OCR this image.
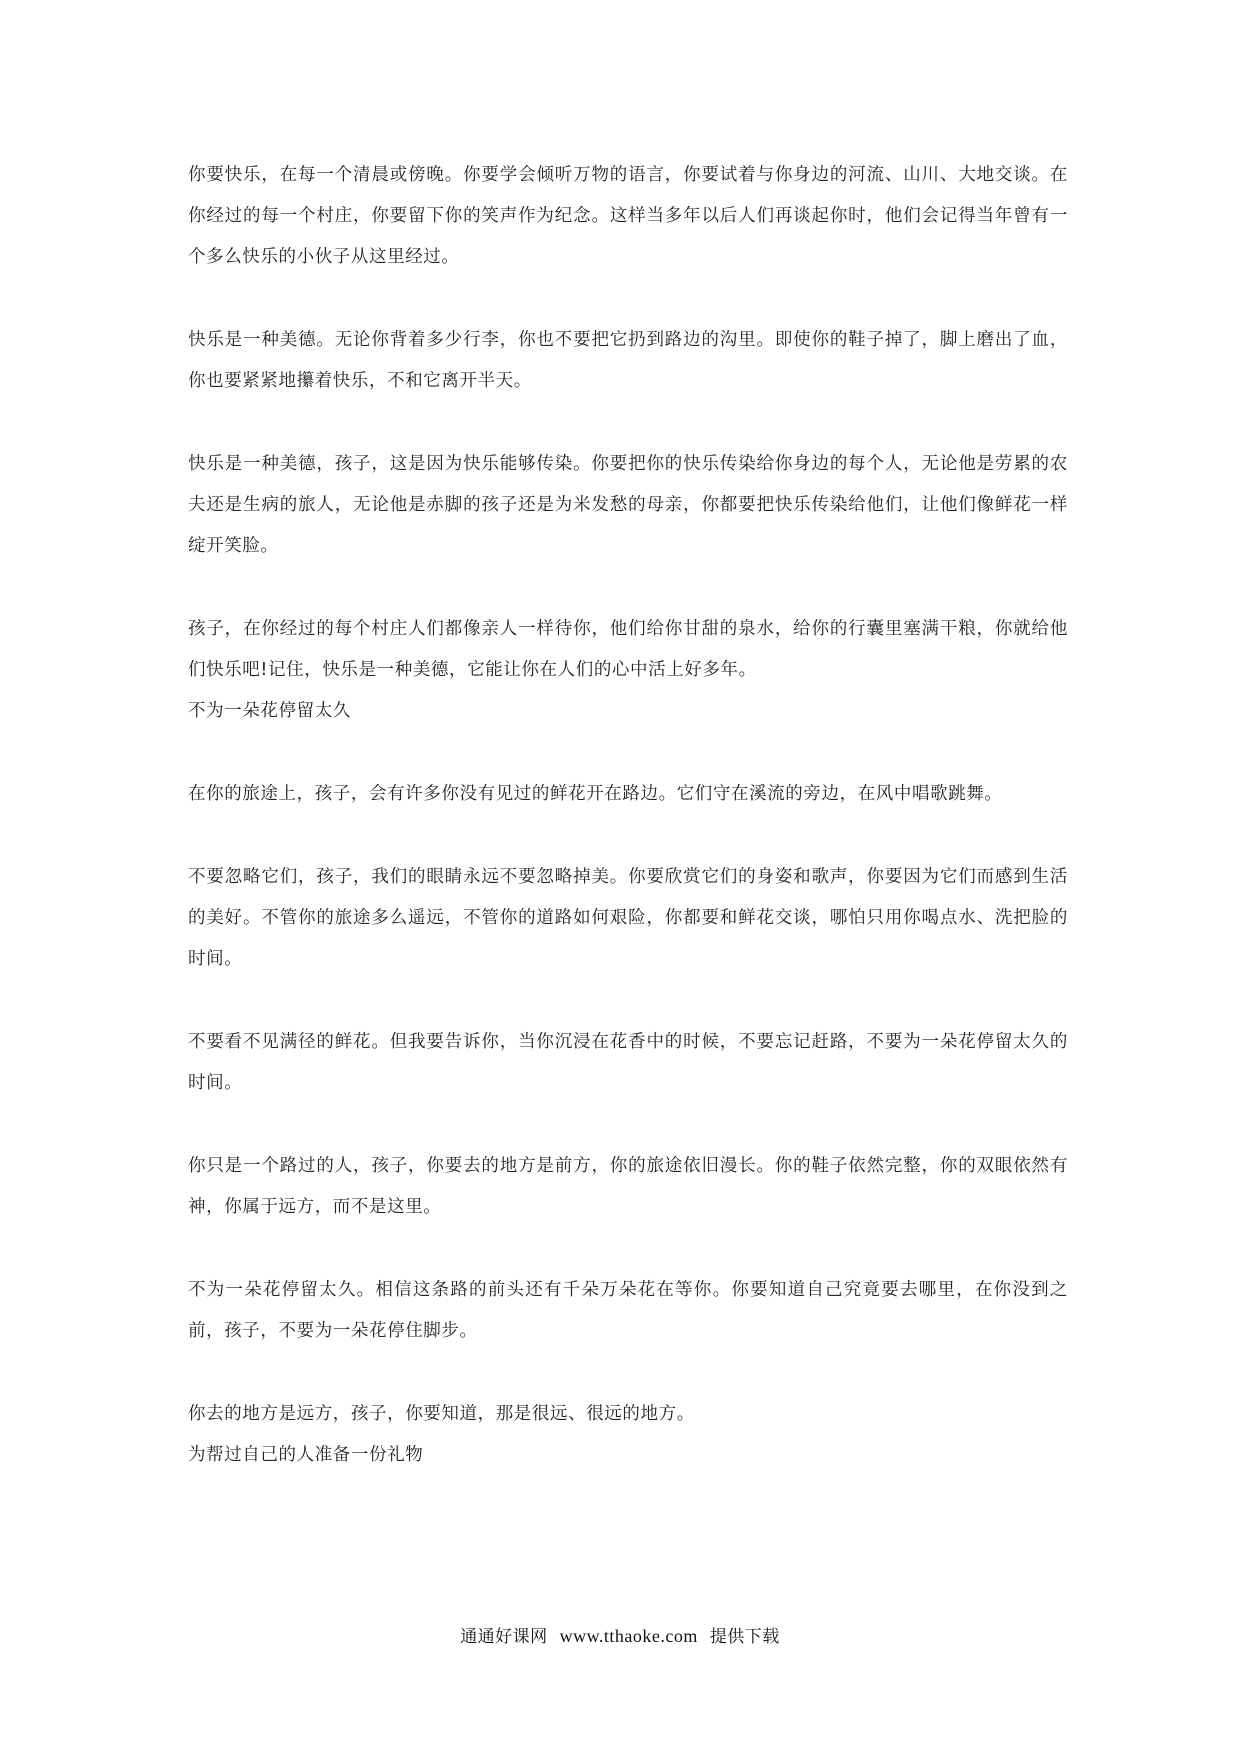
你要快乐，在每一个清晨或傍晚。你要学会倾听万物的语言，你要试着与你身边的河流、山川、大地交谈。在你经过的每一个村庄，你要留下你的笑声作为纪念。这样当多年以后人们再谈起你时，他们会记得当年曾有一个多么快乐的小伙子从这里经过。

快乐是一种美德。无论你背着多少行李，你也不要把它扔到路边的沟里。即使你的鞋子掉了，脚上磨出了血，你也要紧紧地攥着快乐，不和它离开半天。

快乐是一种美德，孩子，这是因为快乐能够传染。你要把你的快乐传染给你身边的每个人，无论他是劳累的农夫还是生病的旅人，无论他是赤脚的孩子还是为米发愁的母亲，你都要把快乐传染给他们，让他们像鲜花一样绽开笑脸。

孩子，在你经过的每个村庄人们都像亲人一样待你，他们给你甘甜的泉水，给你的行囊里塞满干粮，你就给他们快乐吧!记住，快乐是一种美德，它能让你在人们的心中活上好多年。

不为一朵花停留太久

在你的旅途上，孩子，会有许多你没有见过的鲜花开在路边。它们守在溪流的旁边，在风中唱歌跳舞。

不要忽略它们，孩子，我们的眼睛永远不要忽略掉美。你要欣赏它们的身姿和歌声，你要因为它们而感到生活的美好。不管你的旅途多么遥远，不管你的道路如何艰险，你都要和鲜花交谈，哪怕只用你喝点水、洗把脸的时间。

不要看不见满径的鲜花。但我要告诉你，当你沉浸在花香中的时候，不要忘记赶路，不要为一朵花停留太久的时间。

你只是一个路过的人，孩子，你要去的地方是前方，你的旅途依旧漫长。你的鞋子依然完整，你的双眼依然有神，你属于远方，而不是这里。

不为一朵花停留太久。相信这条路的前头还有千朵万朵花在等你。你要知道自己究竟要去哪里，在你没到之前，孩子，不要为一朵花停住脚步。

你去的地方是远方，孩子，你要知道，那是很远、很远的地方。

为帮过自己的人准备一份礼物

通通好课网 www.tthaoke.com 提供下载
